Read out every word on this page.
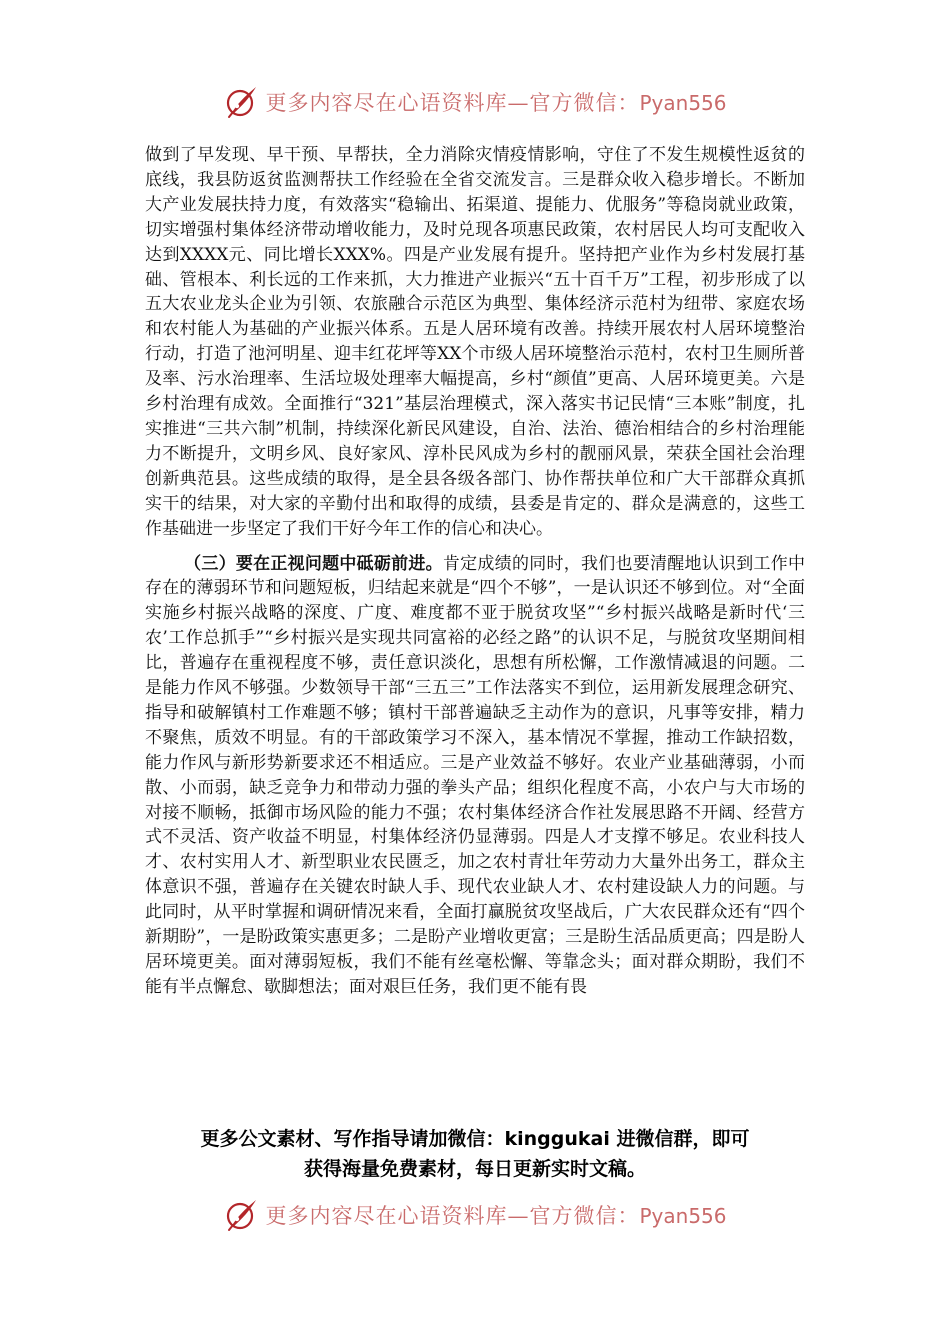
更多内容尽在心语资料库—官方微信：Pyan556

做到了早发现、早干预、早帮扶，全力消除灾情疫情影响，守住了不发生规模性返贫的底线，我县防返贫监测帮扶工作经验在全省交流发言。三是群众收入稳步增长。不断加大产业发展扶持力度，有效落实“稳输出、拓渠道、提能力、优服务”等稳岗就业政策，切实增强村集体经济带动增收能力，及时兑现各项惠民政策，农村居民人均可支配收入达到XXXX元、同比增长XXX%。四是产业发展有提升。坚持把产业作为乡村发展打基础、管根本、利长远的工作来抓，大力推进产业振兴“五十百千万”工程，初步形成了以五大农业龙头企业为引领、农旅融合示范区为典型、集体经济示范村为纽带、家庭农场和农村能人为基础的产业振兴体系。五是人居环境有改善。持续开展农村人居环境整治行动，打造了池河明星、迎丰红花坪等XX个市级人居环境整治示范村，农村卫生厕所普及率、污水治理率、生活垃圾处理率大幅提高，乡村“颜值”更高、人居环境更美。六是乡村治理有成效。全面推行“321”基层治理模式，深入落实书记民情“三本账”制度，扎实推进“三共六制”机制，持续深化新民风建设，自治、法治、德治相结合的乡村治理能力不断提升，文明乡风、良好家风、淳朴民风成为乡村的靓丽风景，荣获全国社会治理创新典范县。这些成绩的取得，是全县各级各部门、协作帮扶单位和广大干部群众真抓实干的结果，对大家的辛勤付出和取得的成绩，县委是肯定的、群众是满意的，这些工作基础进一步坚定了我们干好今年工作的信心和决心。

（三）要在正视问题中砥砺前进。肯定成绩的同时，我们也要清醒地认识到工作中存在的薄弱环节和问题短板，归结起来就是“四个不够”，一是认识还不够到位。对“全面实施乡村振兴战略的深度、广度、难度都不亚于脱贫攻坚”“乡村振兴战略是新时代‘三农’工作总抓手”“乡村振兴是实现共同富裕的必经之路”的认识不足，与脱贫攻坚期间相比，普遍存在重视程度不够，责任意识淡化，思想有所松懈，工作激情减退的问题。二是能力作风不够强。少数领导干部“三五三”工作法落实不到位，运用新发展理念研究、指导和破解镇村工作难题不够；镇村干部普遍缺乏主动作为的意识，凡事等安排，精力不聚焦，质效不明显。有的干部政策学习不深入，基本情况不掌握，推动工作缺招数，能力作风与新形势新要求还不相适应。三是产业效益不够好。农业产业基础薄弱，小而散、小而弱，缺乏竞争力和带动力强的拳头产品；组织化程度不高，小农户与大市场的对接不顺畅，抵御市场风险的能力不强；农村集体经济合作社发展思路不开阔、经营方式不灵活、资产收益不明显，村集体经济仍显薄弱。四是人才支撑不够足。农业科技人才、农村实用人才、新型职业农民匮乏，加之农村青壮年劳动力大量外出务工，群众主体意识不强，普遍存在关键农时缺人手、现代农业缺人才、农村建设缺人力的问题。与此同时，从平时掌握和调研情况来看，全面打赢脱贫攻坚战后，广大农民群众还有“四个新期盼”，一是盼政策实惠更多；二是盼产业增收更富；三是盼生活品质更高；四是盼人居环境更美。面对薄弱短板，我们不能有丝毫松懈、等靠念头；面对群众期盼，我们不能有半点懈怠、歇脚想法；面对艰巨任务，我们更不能有畏

更多公文素材、写作指导请加微信：kinggukai 进微信群，即可
获得海量免费素材，每日更新实时文稿。
更多内容尽在心语资料库—官方微信：Pyan556
